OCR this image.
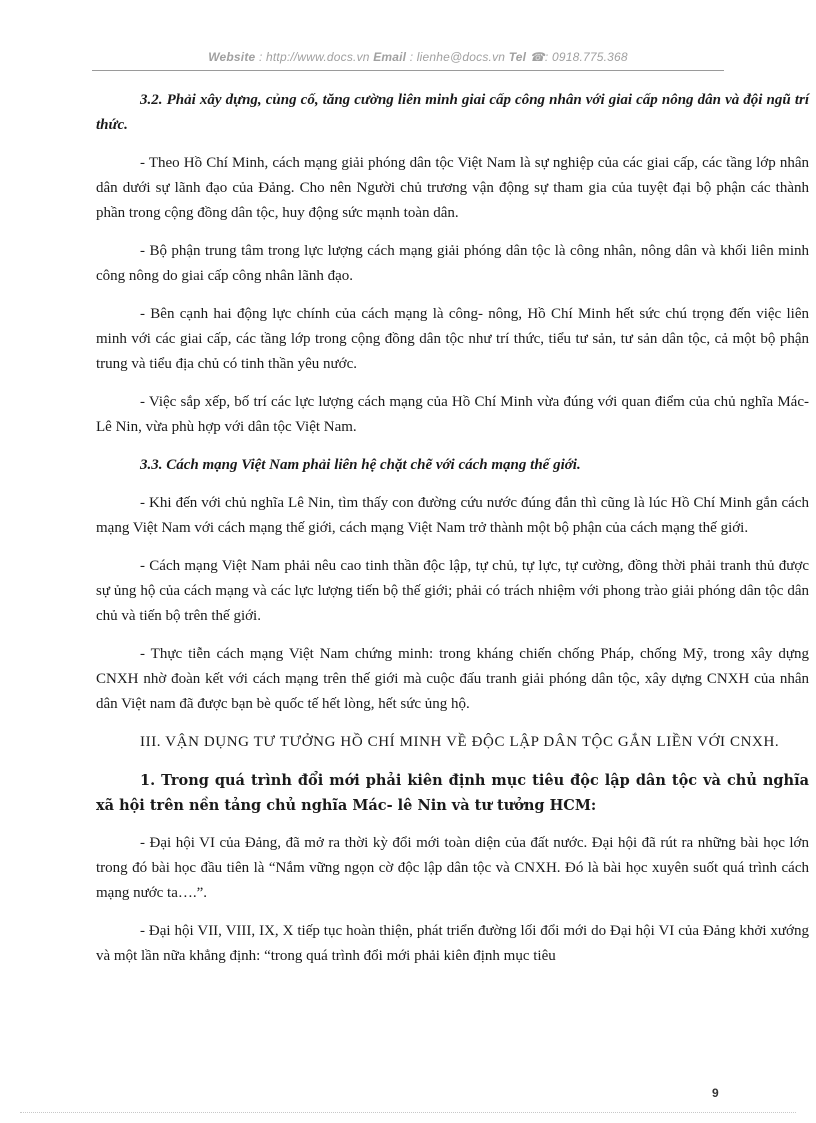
Website : http://www.docs.vn Email : lienhe@docs.vn Tel ☎: 0918.775.368

3.2. Phải xây dựng, củng cố, tăng cường liên minh giai cấp công nhân với giai cấp nông dân và đội ngũ trí thức.

- Theo Hồ Chí Minh, cách mạng giải phóng dân tộc Việt Nam là sự nghiệp của các giai cấp, các tầng lớp nhân dân dưới sự lãnh đạo của Đảng. Cho nên Người chủ trương vận động sự tham gia của tuyệt đại bộ phận các thành phần trong cộng đồng dân tộc, huy động sức mạnh toàn dân.

- Bộ phận trung tâm trong lực lượng cách mạng giải phóng dân tộc là công nhân, nông dân và khối liên minh công nông do giai cấp công nhân lãnh đạo.

- Bên cạnh hai động lực chính của cách mạng là công- nông, Hồ Chí Minh hết sức chú trọng đến việc liên minh với các giai cấp, các tầng lớp trong cộng đồng dân tộc như trí thức, tiểu tư sản, tư sản dân tộc, cả một bộ phận trung và tiểu địa chủ có tinh thần yêu nước.

- Việc sắp xếp, bố trí các lực lượng cách mạng của Hồ Chí Minh vừa đúng với quan điểm của chủ nghĩa Mác- Lê Nin, vừa phù hợp với dân tộc Việt Nam.

3.3. Cách mạng Việt Nam phải liên hệ chặt chẽ với cách mạng thế giới.

- Khi đến với chủ nghĩa Lê Nin, tìm thấy con đường cứu nước đúng đắn thì cũng là lúc Hồ Chí Minh gắn cách mạng Việt Nam với cách mạng thế giới, cách mạng Việt Nam trở thành một bộ phận của cách mạng thế giới.

- Cách mạng Việt Nam phải nêu cao tinh thần độc lập, tự chủ, tự lực, tự cường, đồng thời phải tranh thủ được sự ủng hộ của cách mạng và các lực lượng tiến bộ thế giới; phải có trách nhiệm với phong trào giải phóng dân tộc dân chủ và tiến bộ trên thế giới.

- Thực tiễn cách mạng Việt Nam chứng minh: trong kháng chiến chống Pháp, chống Mỹ, trong xây dựng CNXH nhờ đoàn kết với cách mạng trên thế giới mà cuộc đấu tranh giải phóng dân tộc, xây dựng CNXH của nhân dân Việt nam đã được bạn bè quốc tế hết lòng, hết sức ủng hộ.

III. VẬN DỤNG TƯ TƯỞNG HỒ CHÍ MINH VỀ ĐỘC LẬP DÂN TỘC GẮN LIỀN VỚI CNXH.

1. Trong quá trình đổi mới phải kiên định mục tiêu độc lập dân tộc và chủ nghĩa xã hội trên nền tảng chủ nghĩa Mác- lê Nin và tư tưởng HCM:

- Đại hội VI của Đảng, đã mở ra thời kỳ đổi mới toàn diện của đất nước. Đại hội đã rút ra những bài học lớn trong đó bài học đầu tiên là “Nắm vững ngọn cờ độc lập dân tộc và CNXH. Đó là bài học xuyên suốt quá trình cách mạng nước ta….”.

- Đại hội VII, VIII, IX, X tiếp tục hoàn thiện, phát triển đường lối đổi mới do Đại hội VI của Đảng khởi xướng và một lần nữa khẳng định: “trong quá trình đổi mới phải kiên định mục tiêu

9
